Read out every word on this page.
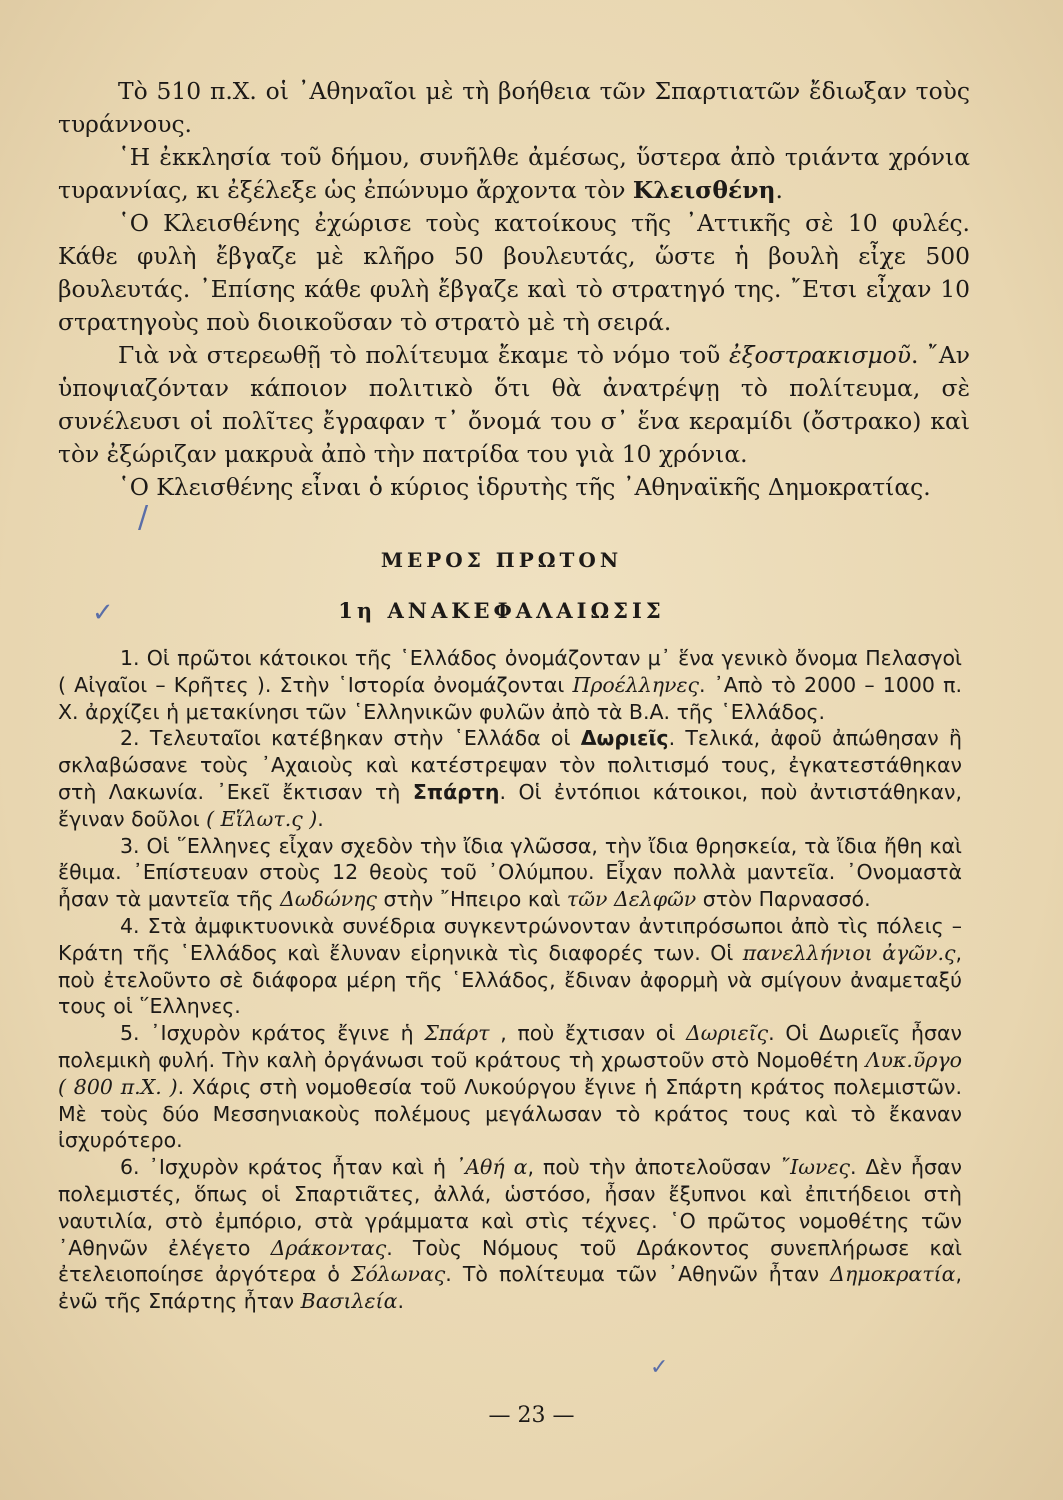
Τὸ 510 π.Χ. οἱ ᾿Αθηναῖοι μὲ τὴ βοήθεια τῶν Σπαρτιατῶν ἔδιωξαν τοὺς τυράννους.

῾Η ἐκκλησία τοῦ δήμου, συνῆλθε ἀμέσως, ὕστερα ἀπὸ τριάντα χρόνια τυραννίας, κι ἐξέλεξε ὡς ἐπώνυμο ἄρχοντα τὸν Κλεισθένη.

῾Ο Κλεισθένης ἐχώρισε τοὺς κατοίκους τῆς ᾿Αττικῆς σὲ 10 φυλές. Κάθε φυλὴ ἔβγαζε μὲ κλῆρο 50 βουλευτάς, ὥστε ἡ βουλὴ εἶχε 500 βουλευτάς. ᾿Επίσης κάθε φυλὴ ἔβγαζε καὶ τὸ στρατηγό της. ῎Ετσι εἶχαν 10 στρατηγοὺς ποὺ διοικοῦσαν τὸ στρατὸ μὲ τὴ σειρά.

Γιὰ νὰ στερεωθῇ τὸ πολίτευμα ἔκαμε τὸ νόμο τοῦ ἐξοστρακισμοῦ. ῎Αν ὑποψιαζόνταν κάποιον πολιτικὸ ὅτι θὰ ἀνατρέψῃ τὸ πολίτευμα, σὲ συνέλευσι οἱ πολῖτες ἔγραφαν τ᾿ ὄνομά του σ᾿ ἕνα κεραμίδι (ὄστρακο) καὶ τὸν ἐξώριζαν μακρυὰ ἀπὸ τὴν πατρίδα του γιὰ 10 χρόνια.

῾Ο Κλεισθένης εἶναι ὁ κύριος ἱδρυτὴς τῆς ᾿Αθηναϊκῆς Δημοκρατίας.

ΜΕΡΟΣ ΠΡΩΤΟΝ
1η ΑΝΑΚΕΦΑΛΑΙΩΣΙΣ

1. Οἱ πρῶτοι κάτοικοι τῆς ῾Ελλάδος ὀνομάζονταν μ᾿ ἕνα γενικὸ ὄνομα Πελασγοὶ ( Αἰγαῖοι – Κρῆτες ). Στὴν ῾Ιστορία ὀνομάζονται Προέλληνες. ᾿Απὸ τὸ 2000 – 1000 π. Χ. ἀρχίζει ἡ μετακίνησι τῶν ῾Ελληνικῶν φυλῶν ἀπὸ τὰ Β.Α. τῆς ῾Ελλάδος.

2. Τελευταῖοι κατέβηκαν στὴν ῾Ελλάδα οἱ Δωριεῖς. Τελικά, ἀφοῦ ἀπώθησαν ἢ σκλαβώσανε τοὺς ᾿Αχαιοὺς καὶ κατέστρεψαν τὸν πολιτισμό τους, ἐγκατεστάθηκαν στὴ Λακωνία. ᾿Εκεῖ ἔκτισαν τὴ Σπάρτη. Οἱ ἐντόπιοι κάτοικοι, ποὺ ἀντιστάθηκαν, ἔγιναν δοῦλοι ( Εἵλωτ.ς ).

3. Οἱ ῞Ελληνες εἶχαν σχεδὸν τὴν ἴδια γλῶσσα, τὴν ἴδια θρησκεία, τὰ ἴδια ἤθη καὶ ἔθιμα. ᾿Επίστευαν στοὺς 12 θεοὺς τοῦ ᾿Ολύμπου. Εἶχαν πολλὰ μαντεῖα. ᾿Ονομαστὰ ἦσαν τὰ μαντεῖα τῆς Δωδώνης στὴν ῎Ηπειρο καὶ τῶν Δελφῶν στὸν Παρνασσό.

4. Στὰ ἀμφικτυονικὰ συνέδρια συγκεντρώνονταν ἀντιπρόσωποι ἀπὸ τὶς πόλεις – Κράτη τῆς ῾Ελλάδος καὶ ἔλυναν εἰρηνικὰ τὶς διαφορές των. Οἱ πανελλήνιοι ἀγῶν.ς, ποὺ ἐτελοῦντο σὲ διάφορα μέρη τῆς ῾Ελλάδος, ἔδιναν ἀφορμὴ νὰ σμίγουν ἀναμεταξύ τους οἱ ῞Ελληνες.

5. ᾿Ισχυρὸν κράτος ἔγινε ἡ Σπάρτ , ποὺ ἔχτισαν οἱ Δωριεῖς. Οἱ Δωριεῖς ἦσαν πολεμικὴ φυλή. Τὴν καλὴ ὀργάνωσι τοῦ κράτους τὴ χρωστοῦν στὸ Νομοθέτη Λυκ.ῦργο ( 800 π.Χ. ). Χάρις στὴ νομοθεσία τοῦ Λυκούργου ἔγινε ἡ Σπάρτη κράτος πολεμιστῶν. Μὲ τοὺς δύο Μεσσηνιακοὺς πολέμους μεγάλωσαν τὸ κράτος τους καὶ τὸ ἔκαναν ἰσχυρότερο.

6. ᾿Ισχυρὸν κράτος ἦταν καὶ ἡ ᾿Αθή α, ποὺ τὴν ἀποτελοῦσαν ῎Ιωνες. Δὲν ἦσαν πολεμιστές, ὅπως οἱ Σπαρτιᾶτες, ἀλλά, ὡστόσο, ἦσαν ἔξυπνοι καὶ ἐπιτήδειοι στὴ ναυτιλία, στὸ ἐμπόριο, στὰ γράμματα καὶ στὶς τέχνες. ῾Ο πρῶτος νομοθέτης τῶν ᾿Αθηνῶν ἐλέγετο Δράκοντας. Τοὺς Νόμους τοῦ Δράκοντος συνεπλήρωσε καὶ ἐτελειοποίησε ἀργότερα ὁ Σόλωνας. Τὸ πολίτευμα τῶν ᾿Αθηνῶν ἦταν Δημοκρατία, ἐνῶ τῆς Σπάρτης ἦταν Βασιλεία.

— 23 —
/
✓
✓
